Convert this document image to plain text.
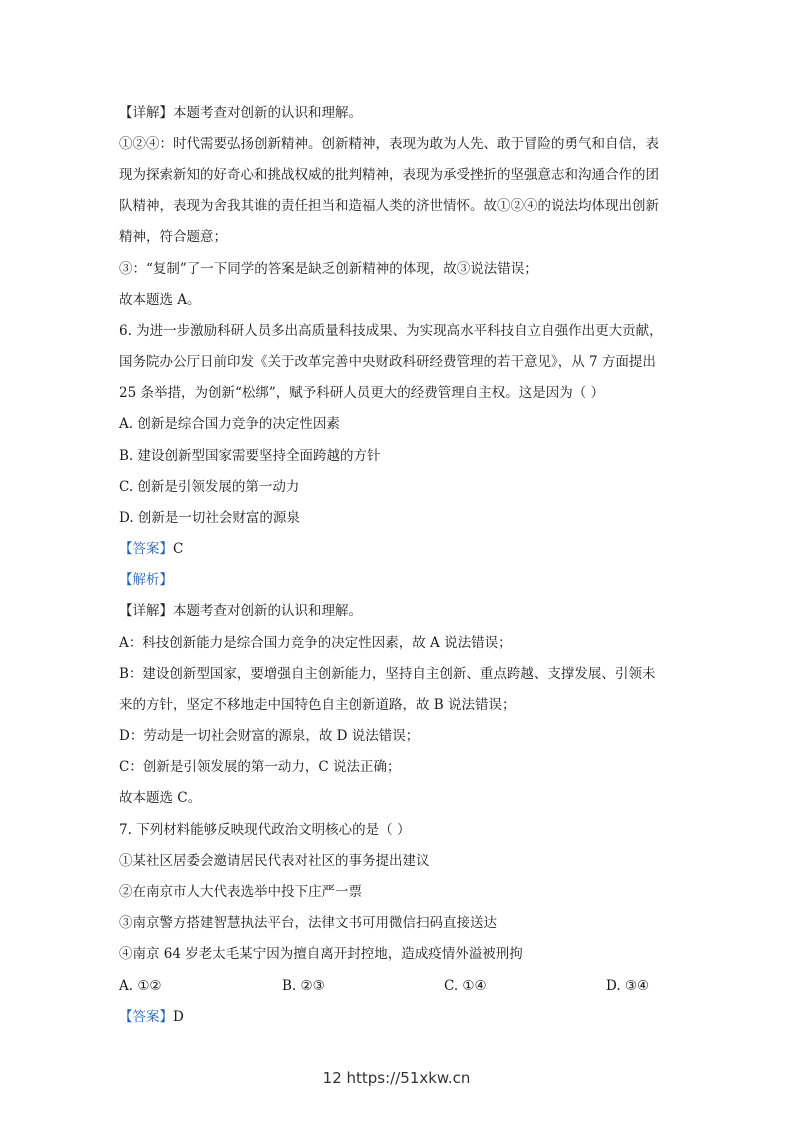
【详解】本题考查对创新的认识和理解。
①②④：时代需要弘扬创新精神。创新精神，表现为敢为人先、敢于冒险的勇气和自信，表
现为探索新知的好奇心和挑战权威的批判精神，表现为承受挫折的坚强意志和沟通合作的团
队精神，表现为舍我其谁的责任担当和造福人类的济世情怀。故①②④的说法均体现出创新
精神，符合题意；
③：“复制”了一下同学的答案是缺乏创新精神的体现，故③说法错误；
故本题选 A。
6. 为进一步激励科研人员多出高质量科技成果、为实现高水平科技自立自强作出更大贡献，
国务院办公厅日前印发《关于改革完善中央财政科研经费管理的若干意见》，从 7 方面提出
25 条举措，为创新“松绑”，赋予科研人员更大的经费管理自主权。这是因为（ ）
A. 创新是综合国力竞争的决定性因素
B. 建设创新型国家需要坚持全面跨越的方针
C. 创新是引领发展的第一动力
D. 创新是一切社会财富的源泉
【答案】C
【解析】
【详解】本题考查对创新的认识和理解。
A：科技创新能力是综合国力竞争的决定性因素，故 A 说法错误；
B：建设创新型国家，要增强自主创新能力，坚持自主创新、重点跨越、支撑发展、引领未
来的方针，坚定不移地走中国特色自主创新道路，故 B 说法错误；
D：劳动是一切社会财富的源泉，故 D 说法错误；
C：创新是引领发展的第一动力，C 说法正确；
故本题选 C。
7. 下列材料能够反映现代政治文明核心的是（ ）
①某社区居委会邀请居民代表对社区的事务提出建议
②在南京市人大代表选举中投下庄严一票
③南京警方搭建智慧执法平台，法律文书可用微信扫码直接送达
④南京 64 岁老太毛某宁因为擅自离开封控地，造成疫情外溢被刑拘
A. ①②	B. ②③	C. ①④	D. ③④
【答案】D
12 https://51xkw.cn
